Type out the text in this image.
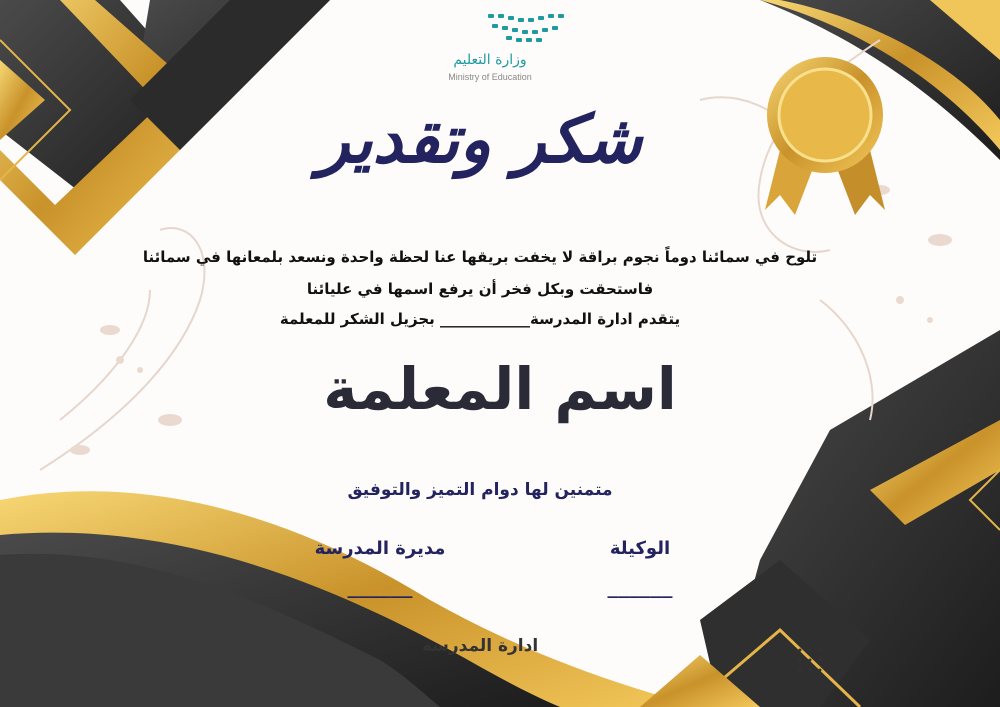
وزارة التعليم
Ministry of Education
شكر وتقدير
تلوح في سمائنا دوماً نجوم براقة لا يخفت بريقها عنا لحظة واحدة ونسعد بلمعانها في سمائنا
فاستحقت وبكل فخر أن يرفع اسمها في عليائنا
يتقدم ادارة المدرسة____________ بجزيل الشكر للمعلمة
اسم المعلمة
متمنين لها دوام التميز والتوفيق
مديرة المدرسة
______
الوكيلة
______
ادارة المدرسة
